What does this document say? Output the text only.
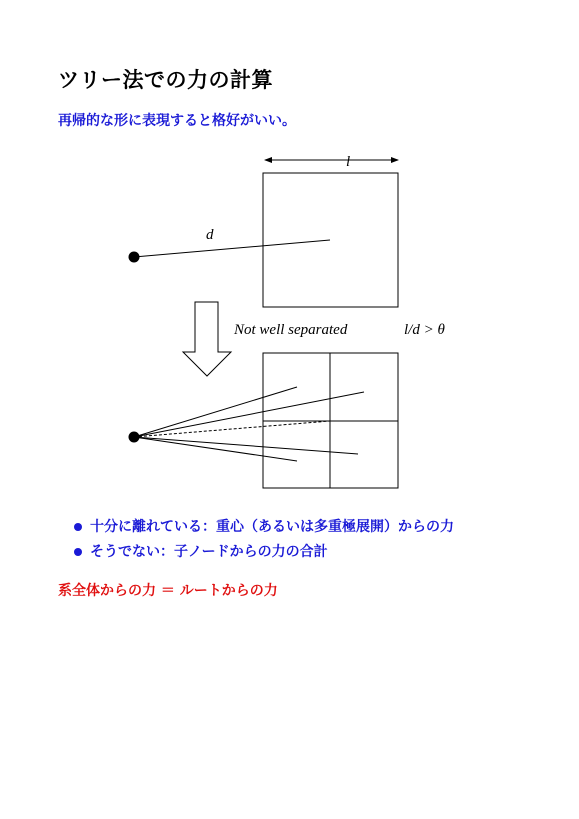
ツリー法での力の計算
再帰的な形に表現すると格好がいい。
l
d
Not well separated	l/d > θ
十分に離れている：重心（あるいは多重極展開）からの力
そうでない：子ノードからの力の合計
系全体からの力 ＝ ルートからの力
